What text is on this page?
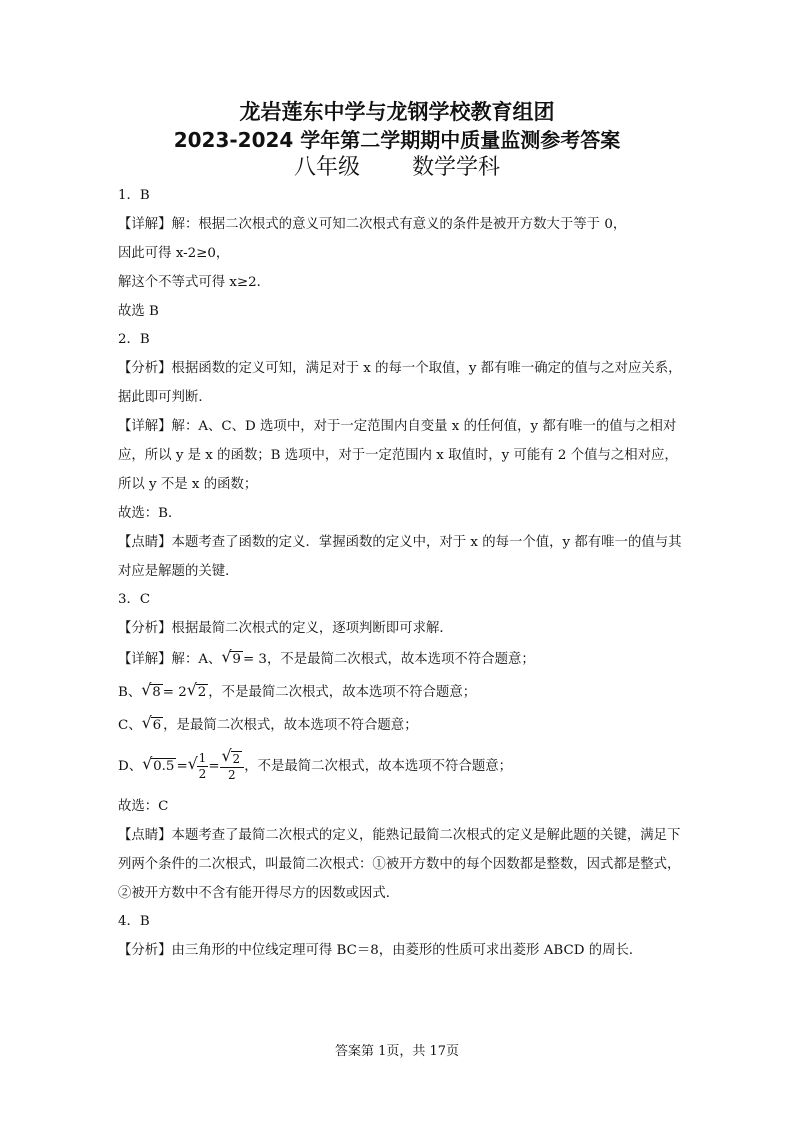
龙岩莲东中学与龙钢学校教育组团
2023-2024 学年第二学期期中质量监测参考答案
八年级 数学学科

1．B

【详解】解：根据二次根式的意义可知二次根式有意义的条件是被开方数大于等于 0，

因此可得 x-2≥0，

解这个不等式可得 x≥2．

故选 B

2．B

【分析】根据函数的定义可知，满足对于 x 的每一个取值，y 都有唯一确定的值与之对应关系，据此即可判断．

【详解】解：A、C、D 选项中，对于一定范围内自变量 x 的任何值，y 都有唯一的值与之相对应，所以 y 是 x 的函数；B 选项中，对于一定范围内 x 取值时，y 可能有 2 个值与之相对应，所以 y 不是 x 的函数；

故选：B．

【点睛】本题考查了函数的定义．掌握函数的定义中，对于 x 的每一个值，y 都有唯一的值与其对应是解题的关键．

3．C

【分析】根据最简二次根式的定义，逐项判断即可求解．

【详解】解：A、 √ 9 = 3，不是最简二次根式，故本选项不符合题意；

B、 √ 8 = 2 √ 2 ，不是最简二次根式，故本选项不符合题意；

C、 √ 6 ，是最简二次根式，故本选项不符合题意；

D、 √ 0.5 = √
$\frac{1}{2} = \frac{√ 2}{2}$ ，不是最简二次根式，故本选项不符合题意；

故选：C

【点睛】本题考查了最简二次根式的定义，能熟记最简二次根式的定义是解此题的关键，满足下列两个条件的二次根式，叫最简二次根式：①被开方数中的每个因数都是整数，因式都是整式，②被开方数中不含有能开得尽方的因数或因式．

4．B

【分析】由三角形的中位线定理可得 BC＝8，由菱形的性质可求出菱形 ABCD 的周长．

答案第 1页，共 17页
